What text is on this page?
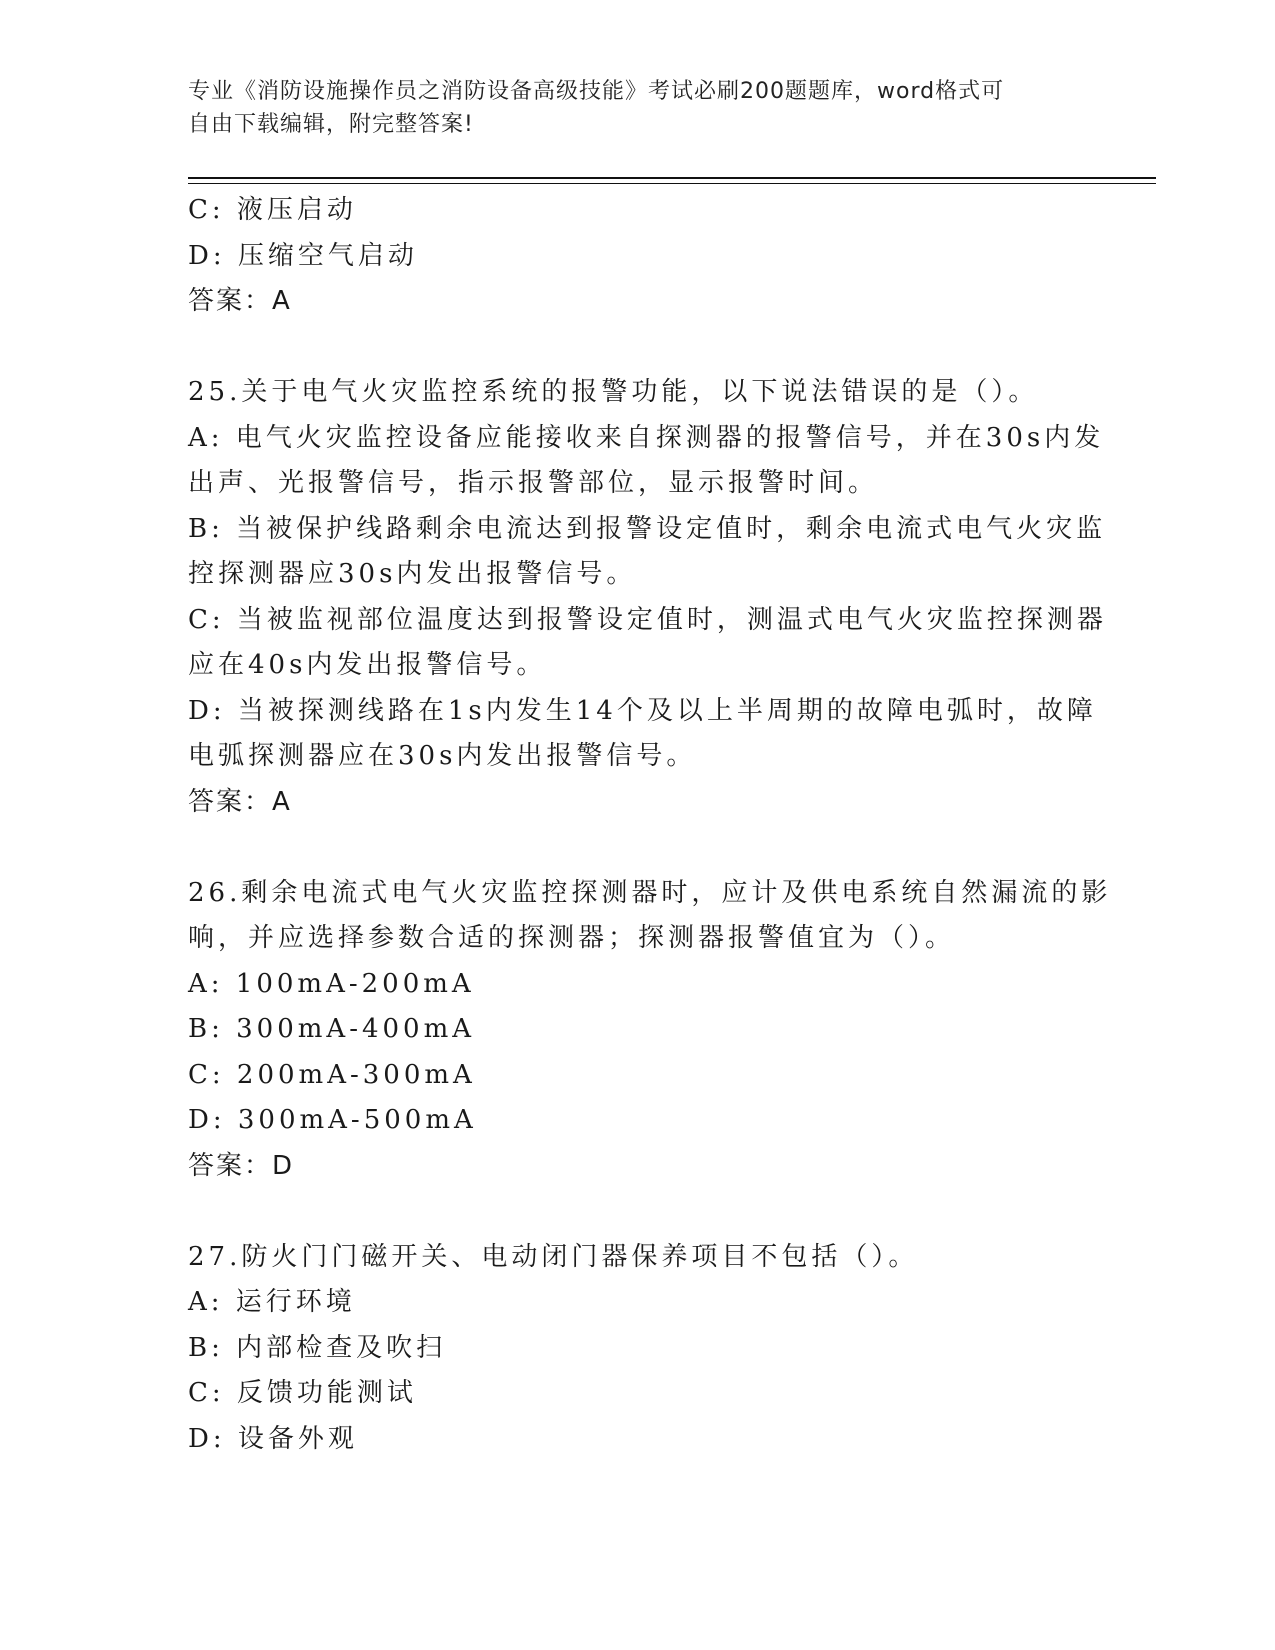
专业《消防设施操作员之消防设备高级技能》考试必刷200题题库，word格式可
自由下载编辑，附完整答案!
C: 液压启动
D: 压缩空气启动
答案：A
25.关于电气火灾监控系统的报警功能，以下说法错误的是（）。
A: 电气火灾监控设备应能接收来自探测器的报警信号，并在30s内发
出声、光报警信号，指示报警部位，显示报警时间。
B: 当被保护线路剩余电流达到报警设定值时，剩余电流式电气火灾监
控探测器应30s内发出报警信号。
C: 当被监视部位温度达到报警设定值时，测温式电气火灾监控探测器
应在40s内发出报警信号。
D: 当被探测线路在1s内发生14个及以上半周期的故障电弧时，故障
电弧探测器应在30s内发出报警信号。
答案：A
26.剩余电流式电气火灾监控探测器时，应计及供电系统自然漏流的影
响，并应选择参数合适的探测器；探测器报警值宜为（）。
A: 100mA-200mA
B: 300mA-400mA
C: 200mA-300mA
D: 300mA-500mA
答案：D
27.防火门门磁开关、电动闭门器保养项目不包括（）。
A: 运行环境
B: 内部检查及吹扫
C: 反馈功能测试
D: 设备外观
